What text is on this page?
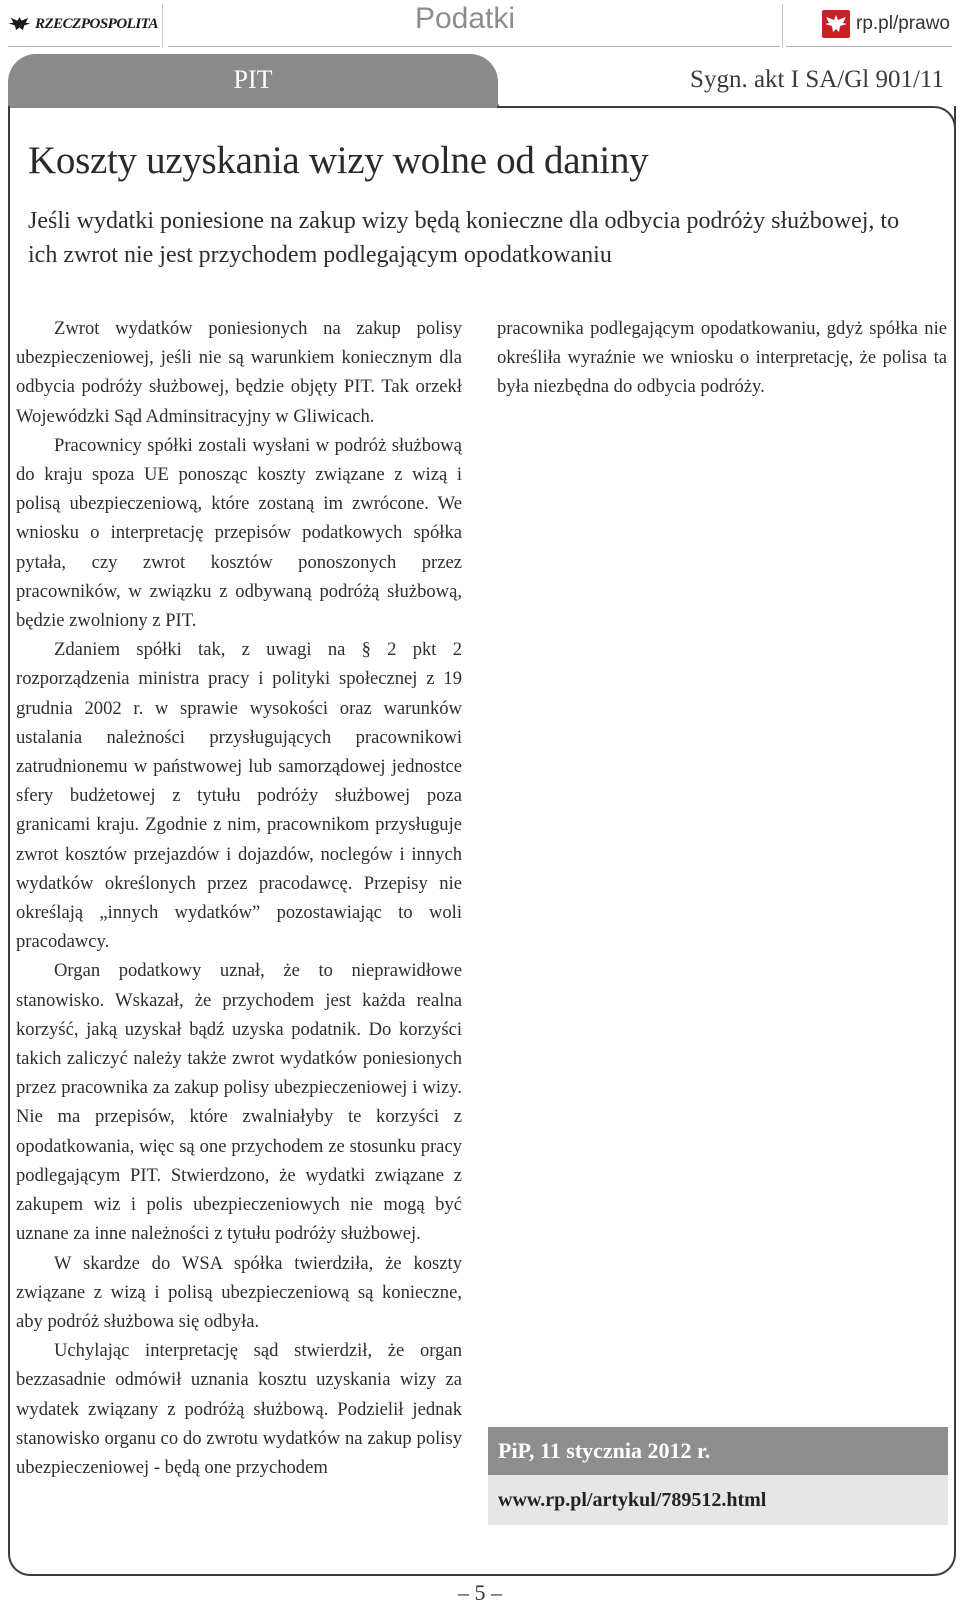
RZECZPOSPOLITA	Podatki	rp.pl/prawo
PIT	Sygn. akt I SA/Gl 901/11
Koszty uzyskania wizy wolne od daniny

Jeśli wydatki poniesione na zakup wizy będą konieczne dla odbycia podróży służbowej, to ich zwrot nie jest przychodem podlegającym opodatkowaniu

Zwrot wydatków poniesionych na zakup polisy ubezpieczeniowej, jeśli nie są warunkiem koniecznym dla odbycia podróży służbowej, będzie objęty PIT. Tak orzekł Wojewódzki Sąd Adminsitracyjny w Gliwicach.

Pracownicy spółki zostali wysłani w podróż służbową do kraju spoza UE ponosząc koszty związane z wizą i polisą ubezpieczeniową, które zostaną im zwrócone. We wniosku o interpretację przepisów podatkowych spółka pytała, czy zwrot kosztów ponoszonych przez pracowników, w związku z odbywaną podróżą służbową, będzie zwolniony z PIT.

Zdaniem spółki tak, z uwagi na § 2 pkt 2 rozporządzenia ministra pracy i polityki społecznej z 19 grudnia 2002 r. w sprawie wysokości oraz warunków ustalania należności przysługujących pracownikowi zatrudnionemu w państwowej lub samorządowej jednostce sfery budżetowej z tytułu podróży służbowej poza granicami kraju. Zgodnie z nim, pracownikom przysługuje zwrot kosztów przejazdów i dojazdów, noclegów i innych wydatków określonych przez pracodawcę. Przepisy nie określają „innych wydatków” pozostawiając to woli pracodawcy.

Organ podatkowy uznał, że to nieprawidłowe stanowisko. Wskazał, że przychodem jest każda realna korzyść, jaką uzyskał bądź uzyska podatnik. Do korzyści takich zaliczyć należy także zwrot wydatków poniesionych przez pracownika za zakup polisy ubezpieczeniowej i wizy. Nie ma przepisów, które zwalniałyby te korzyści z opodatkowania, więc są one przychodem ze stosunku pracy podlegającym PIT. Stwierdzono, że wydatki związane z zakupem wiz i polis ubezpieczeniowych nie mogą być uznane za inne należności z tytułu podróży służbowej.

W skardze do WSA spółka twierdziła, że koszty związane z wizą i polisą ubezpieczeniową są konieczne, aby podróż służbowa się odbyła.

Uchylając interpretację sąd stwierdził, że organ bezzasadnie odmówił uznania kosztu uzyskania wizy za wydatek związany z podróżą służbową. Podzielił jednak stanowisko organu co do zwrotu wydatków na zakup polisy ubezpieczeniowej - będą one przychodem

pracownika podlegającym opodatkowaniu, gdyż spółka nie określiła wyraźnie we wniosku o interpretację, że polisa ta była niezbędna do odbycia podróży.

PiP, 11 stycznia 2012 r.
www.rp.pl/artykul/789512.html
– 5 –
